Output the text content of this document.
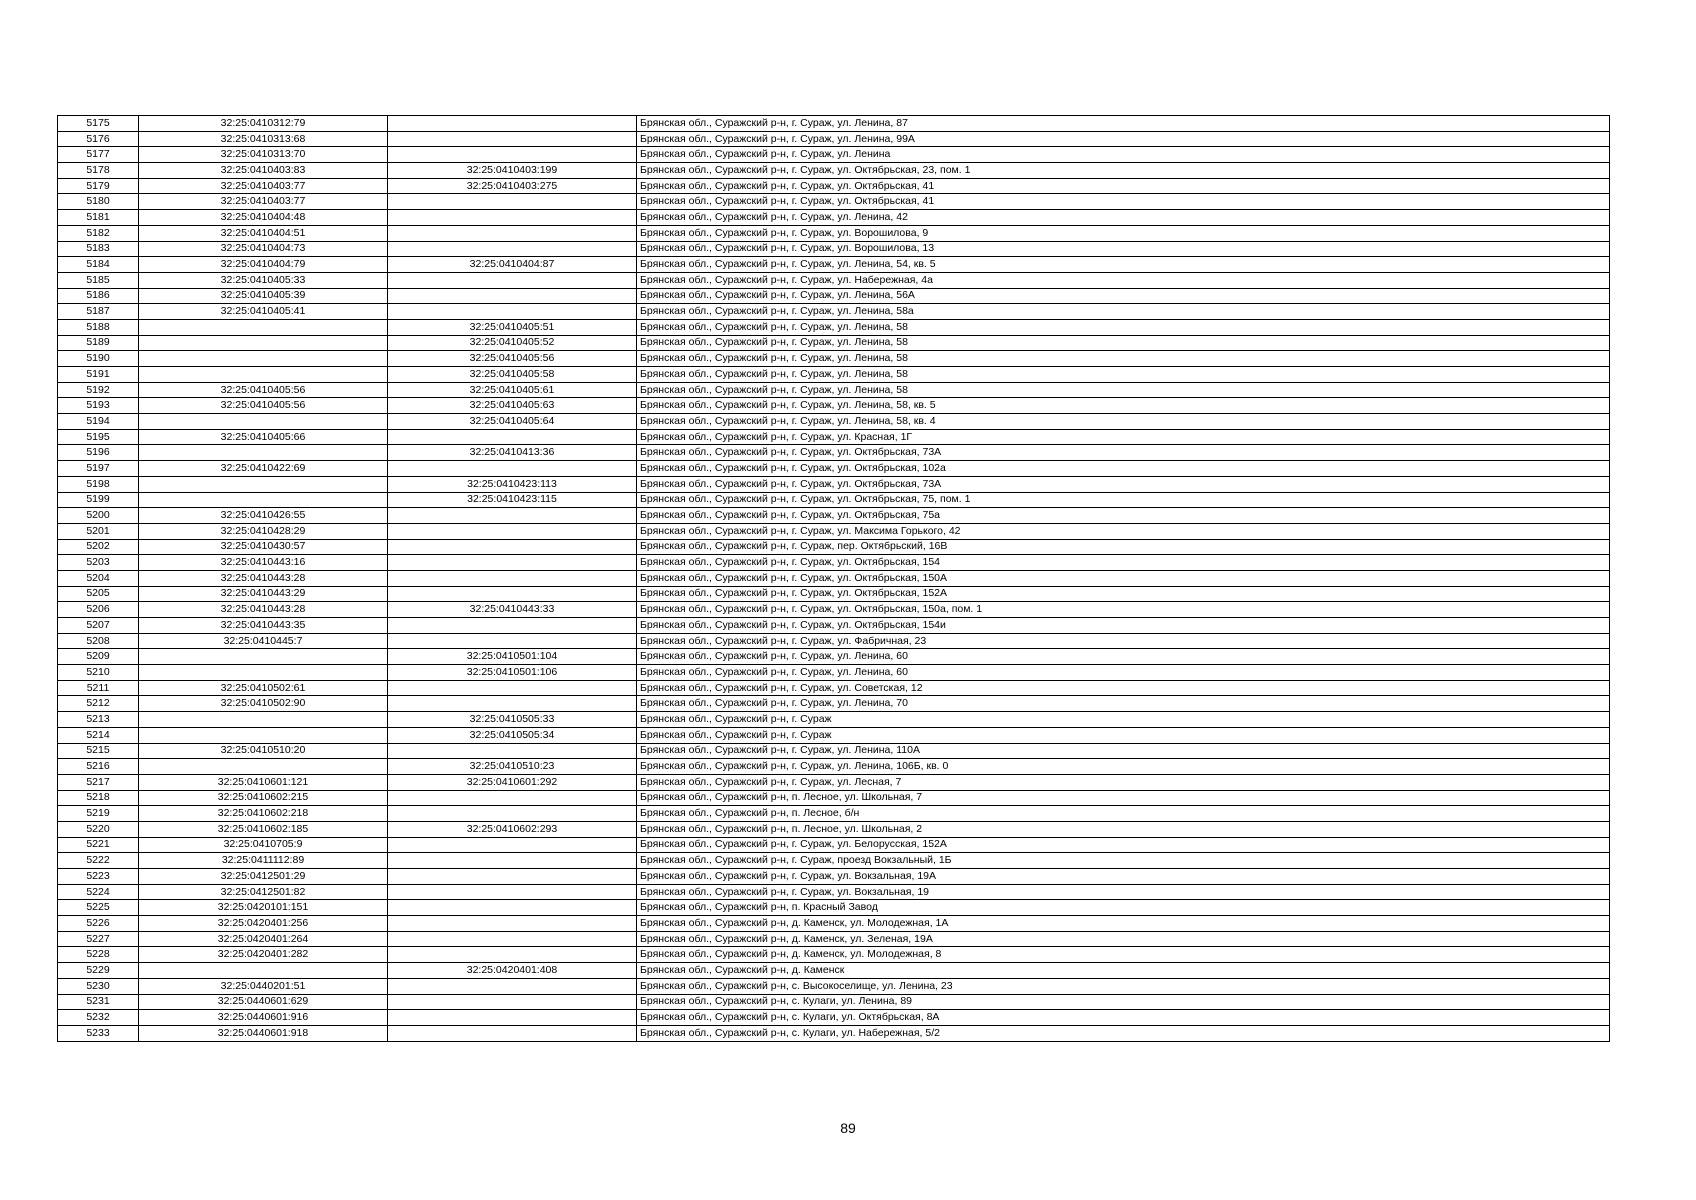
5175	32:25:0410312:79		Брянская обл., Суражский р-н, г. Сураж, ул. Ленина, 87
5176	32:25:0410313:68		Брянская обл., Суражский р-н, г. Сураж, ул. Ленина, 99А
5177	32:25:0410313:70		Брянская обл., Суражский р-н, г. Сураж, ул. Ленина
5178	32:25:0410403:83	32:25:0410403:199	Брянская обл., Суражский р-н, г. Сураж, ул. Октябрьская, 23, пом. 1
5179	32:25:0410403:77	32:25:0410403:275	Брянская обл., Суражский р-н, г. Сураж, ул. Октябрьская, 41
5180	32:25:0410403:77		Брянская обл., Суражский р-н, г. Сураж, ул. Октябрьская, 41
5181	32:25:0410404:48		Брянская обл., Суражский р-н, г. Сураж, ул. Ленина, 42
5182	32:25:0410404:51		Брянская обл., Суражский р-н, г. Сураж, ул. Ворошилова, 9
5183	32:25:0410404:73		Брянская обл., Суражский р-н, г. Сураж, ул. Ворошилова, 13
5184	32:25:0410404:79	32:25:0410404:87	Брянская обл., Суражский р-н, г. Сураж, ул. Ленина, 54, кв. 5
5185	32:25:0410405:33		Брянская обл., Суражский р-н, г. Сураж, ул. Набережная, 4а
5186	32:25:0410405:39		Брянская обл., Суражский р-н, г. Сураж, ул. Ленина, 56А
5187	32:25:0410405:41		Брянская обл., Суражский р-н, г. Сураж, ул. Ленина, 58а
5188		32:25:0410405:51	Брянская обл., Суражский р-н, г. Сураж, ул. Ленина, 58
5189		32:25:0410405:52	Брянская обл., Суражский р-н, г. Сураж, ул. Ленина, 58
5190		32:25:0410405:56	Брянская обл., Суражский р-н, г. Сураж, ул. Ленина, 58
5191		32:25:0410405:58	Брянская обл., Суражский р-н, г. Сураж, ул. Ленина, 58
5192	32:25:0410405:56	32:25:0410405:61	Брянская обл., Суражский р-н, г. Сураж, ул. Ленина, 58
5193	32:25:0410405:56	32:25:0410405:63	Брянская обл., Суражский р-н, г. Сураж, ул. Ленина, 58, кв. 5
5194		32:25:0410405:64	Брянская обл., Суражский р-н, г. Сураж, ул. Ленина, 58, кв. 4
5195	32:25:0410405:66		Брянская обл., Суражский р-н, г. Сураж, ул. Красная, 1Г
5196		32:25:0410413:36	Брянская обл., Суражский р-н, г. Сураж, ул. Октябрьская, 73А
5197	32:25:0410422:69		Брянская обл., Суражский р-н, г. Сураж, ул. Октябрьская, 102а
5198		32:25:0410423:113	Брянская обл., Суражский р-н, г. Сураж, ул. Октябрьская, 73А
5199		32:25:0410423:115	Брянская обл., Суражский р-н, г. Сураж, ул. Октябрьская, 75, пом. 1
5200	32:25:0410426:55		Брянская обл., Суражский р-н, г. Сураж, ул. Октябрьская, 75а
5201	32:25:0410428:29		Брянская обл., Суражский р-н, г. Сураж, ул. Максима Горького, 42
5202	32:25:0410430:57		Брянская обл., Суражский р-н, г. Сураж, пер. Октябрьский, 16В
5203	32:25:0410443:16		Брянская обл., Суражский р-н, г. Сураж, ул. Октябрьская, 154
5204	32:25:0410443:28		Брянская обл., Суражский р-н, г. Сураж, ул. Октябрьская, 150А
5205	32:25:0410443:29		Брянская обл., Суражский р-н, г. Сураж, ул. Октябрьская, 152А
5206	32:25:0410443:28	32:25:0410443:33	Брянская обл., Суражский р-н, г. Сураж, ул. Октябрьская, 150а, пом. 1
5207	32:25:0410443:35		Брянская обл., Суражский р-н, г. Сураж, ул. Октябрьская, 154и
5208	32:25:0410445:7		Брянская обл., Суражский р-н, г. Сураж, ул. Фабричная, 23
5209		32:25:0410501:104	Брянская обл., Суражский р-н, г. Сураж, ул. Ленина, 60
5210		32:25:0410501:106	Брянская обл., Суражский р-н, г. Сураж, ул. Ленина, 60
5211	32:25:0410502:61		Брянская обл., Суражский р-н, г. Сураж, ул. Советская, 12
5212	32:25:0410502:90		Брянская обл., Суражский р-н, г. Сураж, ул. Ленина, 70
5213		32:25:0410505:33	Брянская обл., Суражский р-н, г. Сураж
5214		32:25:0410505:34	Брянская обл., Суражский р-н, г. Сураж
5215	32:25:0410510:20		Брянская обл., Суражский р-н, г. Сураж, ул. Ленина, 110А
5216		32:25:0410510:23	Брянская обл., Суражский р-н, г. Сураж, ул. Ленина, 106Б, кв. 0
5217	32:25:0410601:121	32:25:0410601:292	Брянская обл., Суражский р-н, г. Сураж, ул. Лесная, 7
5218	32:25:0410602:215		Брянская обл., Суражский р-н, п. Лесное, ул. Школьная, 7
5219	32:25:0410602:218		Брянская обл., Суражский р-н, п. Лесное, б/н
5220	32:25:0410602:185	32:25:0410602:293	Брянская обл., Суражский р-н, п. Лесное, ул. Школьная, 2
5221	32:25:0410705:9		Брянская обл., Суражский р-н, г. Сураж, ул. Белорусская, 152А
5222	32:25:0411112:89		Брянская обл., Суражский р-н, г. Сураж, проезд Вокзальный, 1Б
5223	32:25:0412501:29		Брянская обл., Суражский р-н, г. Сураж, ул. Вокзальная, 19А
5224	32:25:0412501:82		Брянская обл., Суражский р-н, г. Сураж, ул. Вокзальная, 19
5225	32:25:0420101:151		Брянская обл., Суражский р-н, п. Красный Завод
5226	32:25:0420401:256		Брянская обл., Суражский р-н, д. Каменск, ул. Молодежная, 1А
5227	32:25:0420401:264		Брянская обл., Суражский р-н, д. Каменск, ул. Зеленая, 19А
5228	32:25:0420401:282		Брянская обл., Суражский р-н, д. Каменск, ул. Молодежная, 8
5229		32:25:0420401:408	Брянская обл., Суражский р-н, д. Каменск
5230	32:25:0440201:51		Брянская обл., Суражский р-н, с. Высокоселище, ул. Ленина, 23
5231	32:25:0440601:629		Брянская обл., Суражский р-н, с. Кулаги, ул. Ленина, 89
5232	32:25:0440601:916		Брянская обл., Суражский р-н, с. Кулаги, ул. Октябрьская, 8А
5233	32:25:0440601:918		Брянская обл., Суражский р-н, с. Кулаги, ул. Набережная, 5/2
89
